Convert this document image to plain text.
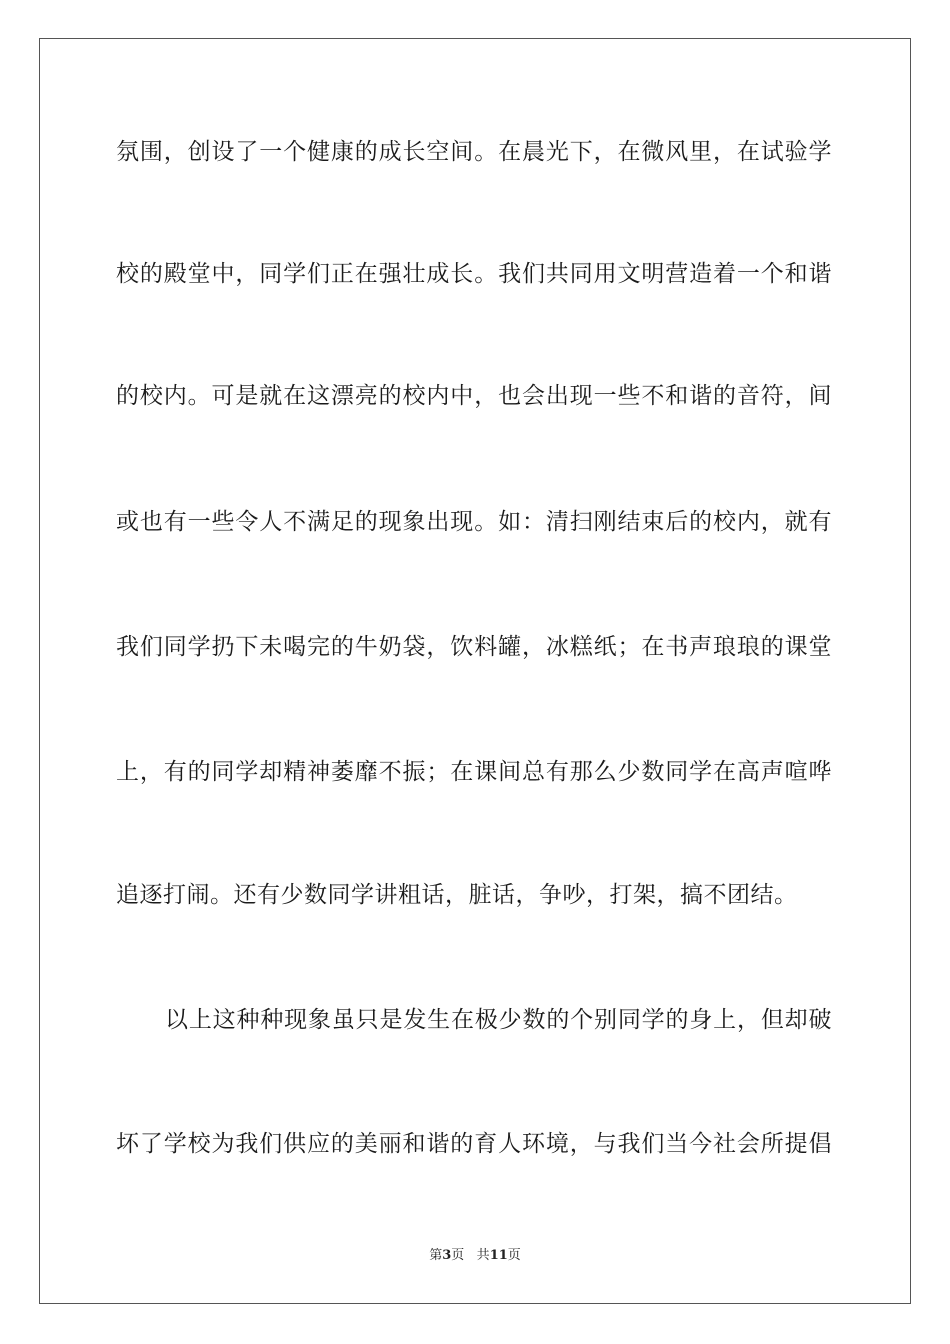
氛围，创设了一个健康的成长空间。在晨光下，在微风里，在试验学
校的殿堂中，同学们正在强壮成长。我们共同用文明营造着一个和谐
的校内。可是就在这漂亮的校内中，也会出现一些不和谐的音符，间
或也有一些令人不满足的现象出现。如：清扫刚结束后的校内，就有
我们同学扔下未喝完的牛奶袋，饮料罐，冰糕纸；在书声琅琅的课堂
上，有的同学却精神萎靡不振；在课间总有那么少数同学在高声喧哗
追逐打闹。还有少数同学讲粗话，脏话，争吵，打架，搞不团结。
以上这种种现象虽只是发生在极少数的个别同学的身上，但却破
坏了学校为我们供应的美丽和谐的育人环境，与我们当今社会所提倡
第3页 共11页
